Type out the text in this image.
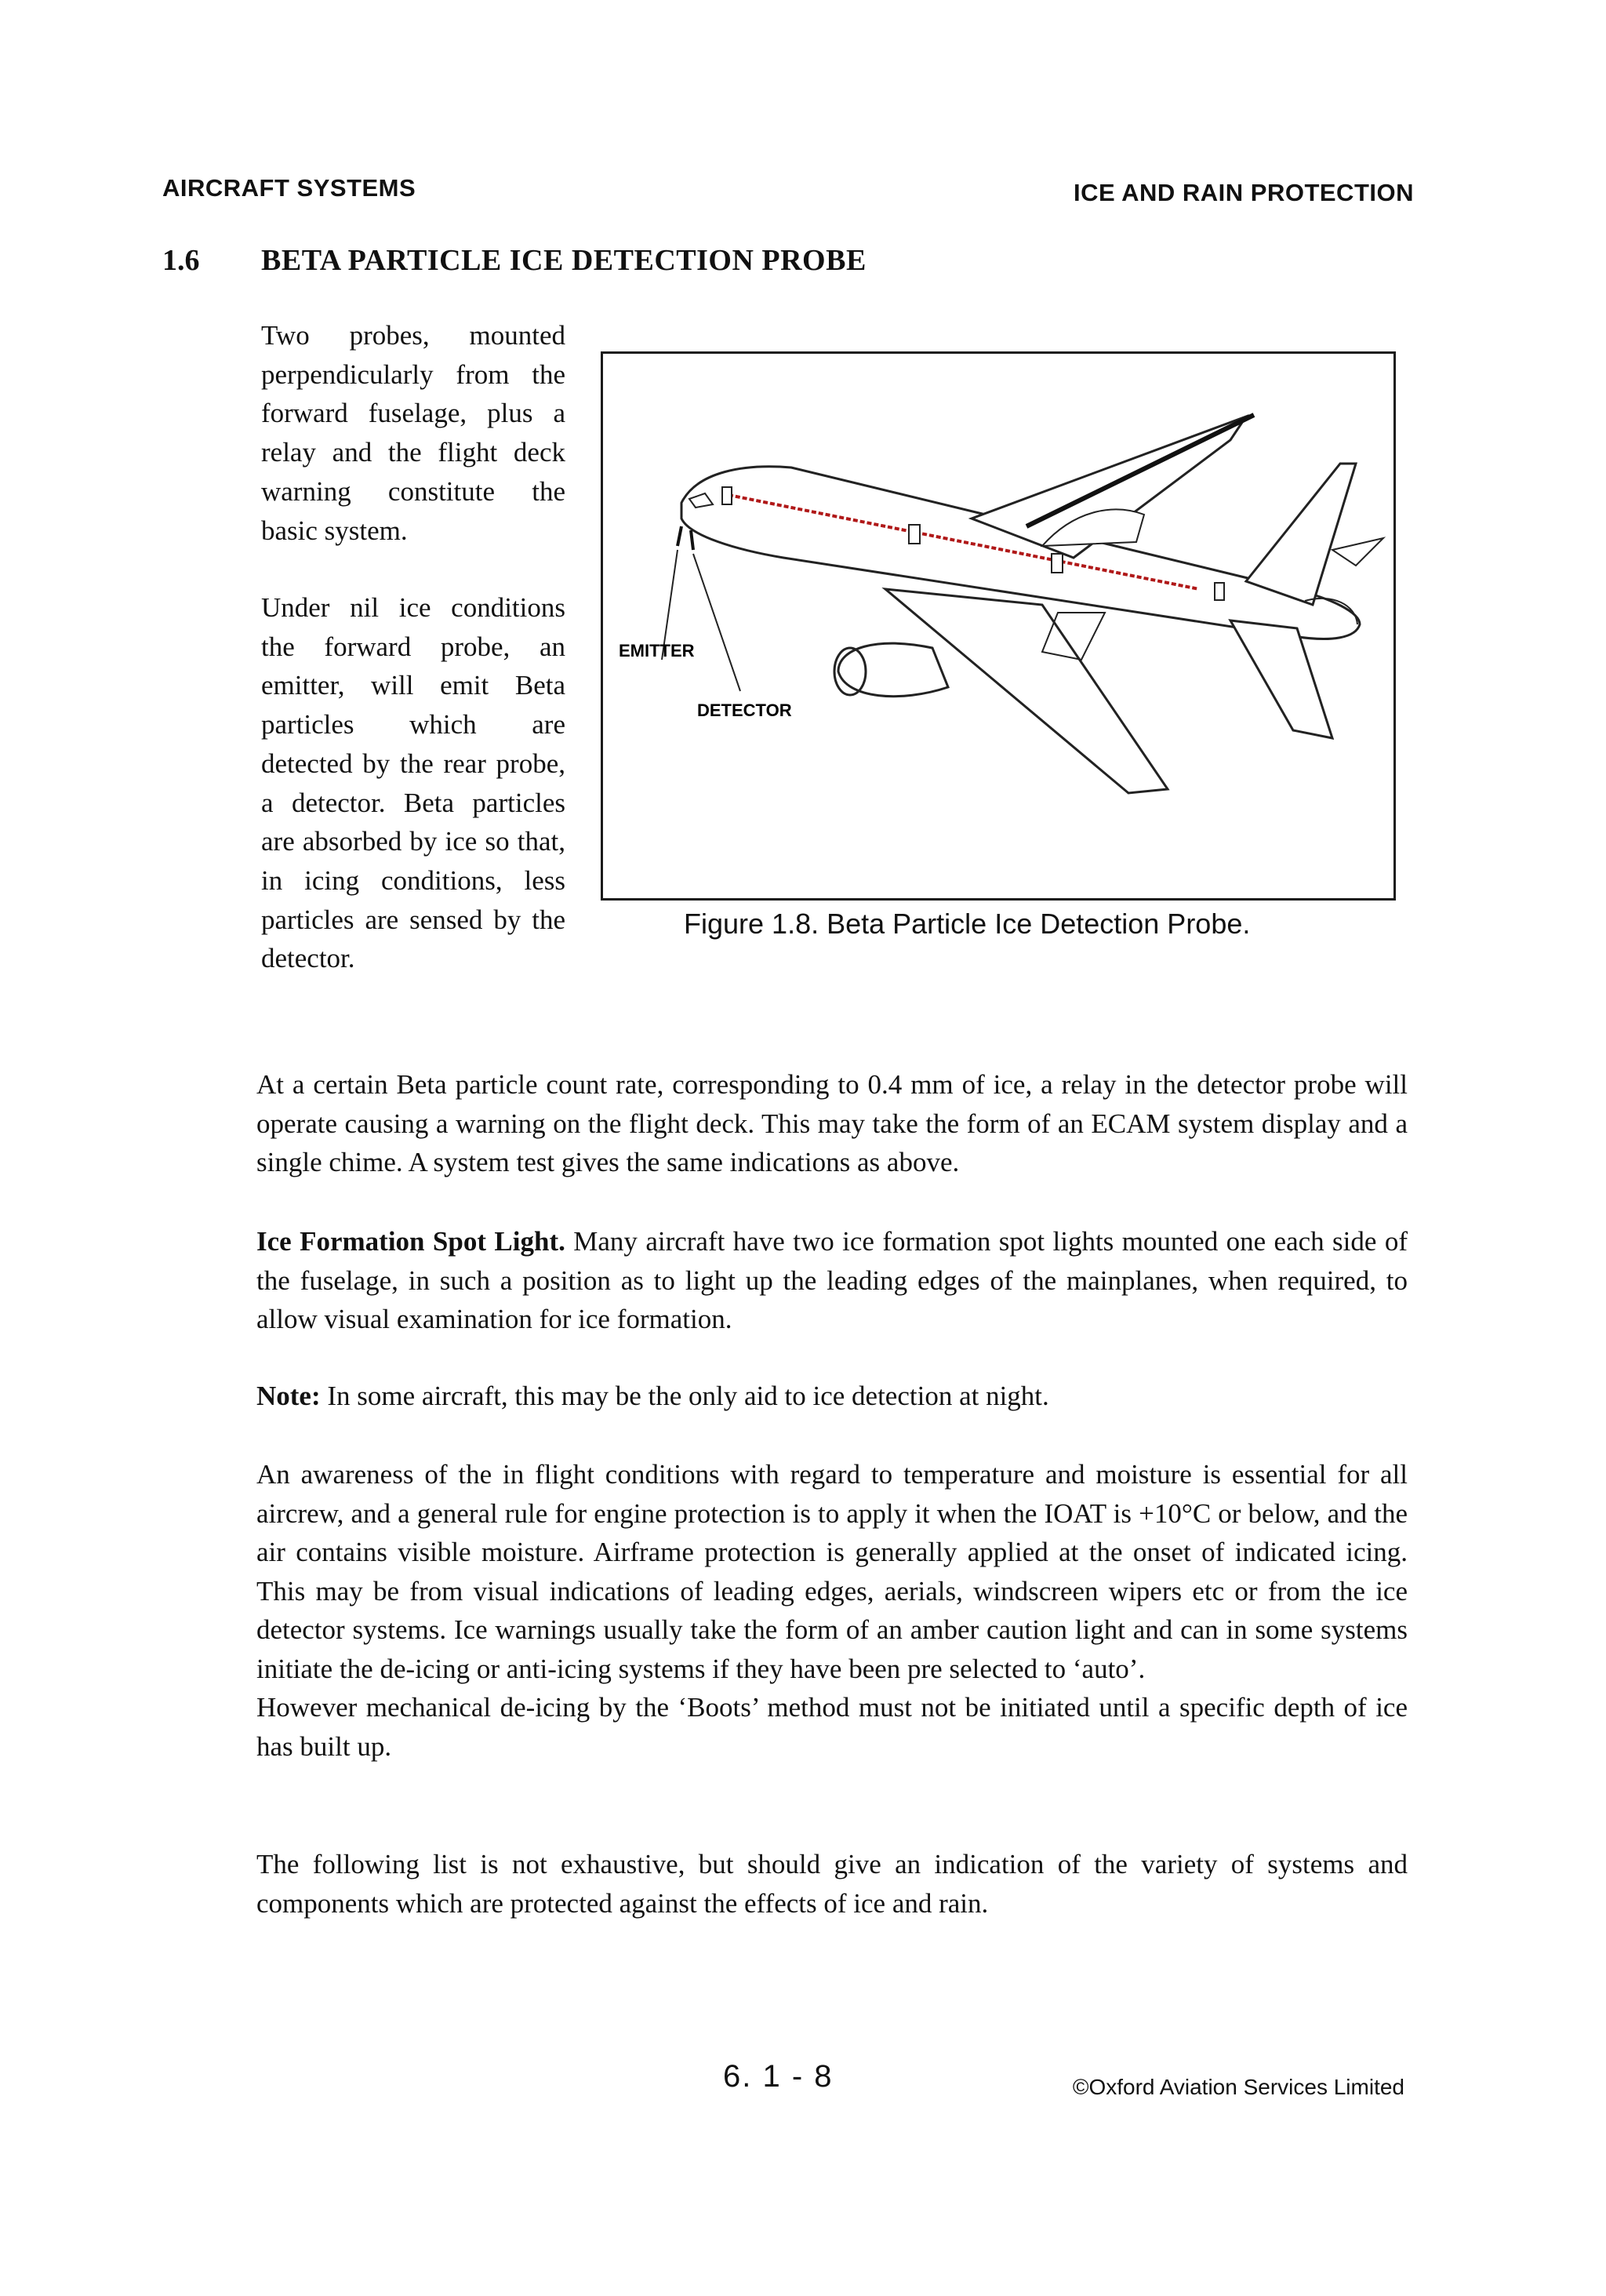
AIRCRAFT SYSTEMS	ICE AND RAIN PROTECTION
1.6 BETA PARTICLE ICE DETECTION PROBE
Two probes, mounted perpendicularly from the forward fuselage, plus a relay and the flight deck warning constitute the basic system.
Under nil ice conditions the forward probe, an emitter, will emit Beta particles which are detected by the rear probe, a detector. Beta particles are absorbed by ice so that, in icing conditions, less particles are sensed by the detector.
EMITTER
DETECTOR
Figure 1.8. Beta Particle Ice Detection Probe.
At a certain Beta particle count rate, corresponding to 0.4 mm of ice, a relay in the detector probe will operate causing a warning on the flight deck. This may take the form of an ECAM system display and a single chime. A system test gives the same indications as above.
Ice Formation Spot Light. Many aircraft have two ice formation spot lights mounted one each side of the fuselage, in such a position as to light up the leading edges of the mainplanes, when required, to allow visual examination for ice formation.
Note: In some aircraft, this may be the only aid to ice detection at night.
An awareness of the in flight conditions with regard to temperature and moisture is essential for all aircrew, and a general rule for engine protection is to apply it when the IOAT is +10°C or below, and the air contains visible moisture. Airframe protection is generally applied at the onset of indicated icing. This may be from visual indications of leading edges, aerials, windscreen wipers etc or from the ice detector systems. Ice warnings usually take the form of an amber caution light and can in some systems initiate the de-icing or anti-icing systems if they have been pre selected to ‘auto’.
However mechanical de-icing by the ‘Boots’ method must not be initiated until a specific depth of ice has built up.
The following list is not exhaustive, but should give an indication of the variety of systems and components which are protected against the effects of ice and rain.
6. 1 - 8	©Oxford Aviation Services Limited
